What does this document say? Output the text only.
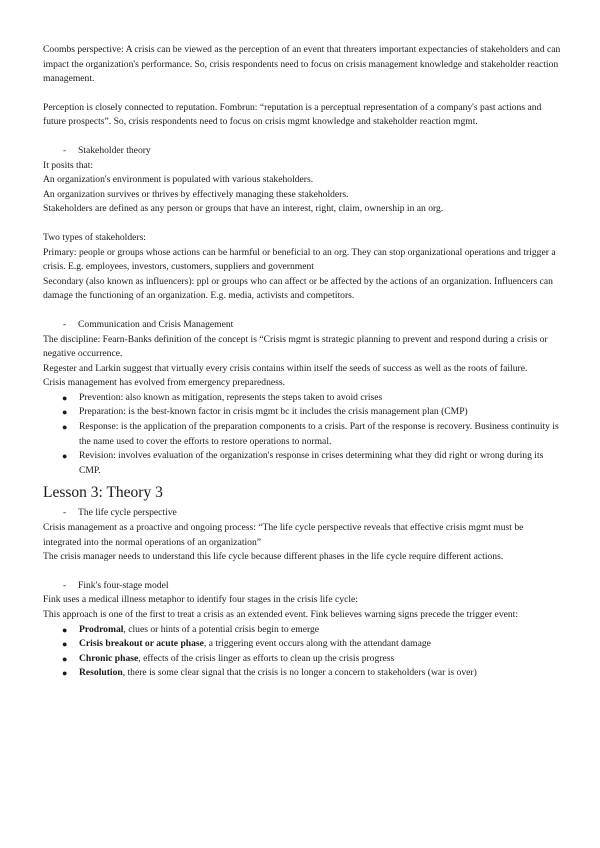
Coombs perspective: A crisis can be viewed as the perception of an event that threaters important expectancies of stakeholders and can impact the organization's performance. So, crisis respondents need to focus on crisis management knowledge and stakeholder reaction management.

Perception is closely connected to reputation. Fombrun: “reputation is a perceptual representation of a company's past actions and future prospects”. So, crisis respondents need to focus on crisis mgmt knowledge and stakeholder reaction mgmt.

- Stakeholder theory

It posits that:

An organization's environment is populated with various stakeholders.

An organization survives or thrives by effectively managing these stakeholders.

Stakeholders are defined as any person or groups that have an interest, right, claim, ownership in an org.

Two types of stakeholders:

Primary: people or groups whose actions can be harmful or beneficial to an org. They can stop organizational operations and trigger a crisis. E.g. employees, investors, customers, suppliers and government

Secondary (also known as influencers): ppl or groups who can affect or be affected by the actions of an organization. Influencers can damage the functioning of an organization. E.g. media, activists and competitors.

- Communication and Crisis Management

The discipline: Fearn-Banks definition of the concept is “Crisis mgmt is strategic planning to prevent and respond during a crisis or negative occurrence.

Regester and Larkin suggest that virtually every crisis contains within itself the seeds of success as well as the roots of failure.

Crisis management has evolved from emergency preparedness.

● Prevention: also known as mitigation, represents the steps taken to avoid crises
● Preparation: is the best-known factor in crisis mgmt bc it includes the crisis management plan (CMP)
● Response: is the application of the preparation components to a crisis. Part of the response is recovery. Business continuity is the name used to cover the efforts to restore operations to normal.
● Revision: involves evaluation of the organization's response in crises determining what they did right or wrong during its CMP.
Lesson 3: Theory 3
- The life cycle perspective

Crisis management as a proactive and ongoing process: “The life cycle perspective reveals that effective crisis mgmt must be integrated into the normal operations of an organization”

The crisis manager needs to understand this life cycle because different phases in the life cycle require different actions.

- Fink's four-stage model

Fink uses a medical illness metaphor to identify four stages in the crisis life cycle:

This approach is one of the first to treat a crisis as an extended event. Fink believes warning signs precede the trigger event:

● Prodromal, clues or hints of a potential crisis begin to emerge
● Crisis breakout or acute phase, a triggering event occurs along with the attendant damage
● Chronic phase, effects of the crisis linger as efforts to clean up the crisis progress
● Resolution, there is some clear signal that the crisis is no longer a concern to stakeholders (war is over)
